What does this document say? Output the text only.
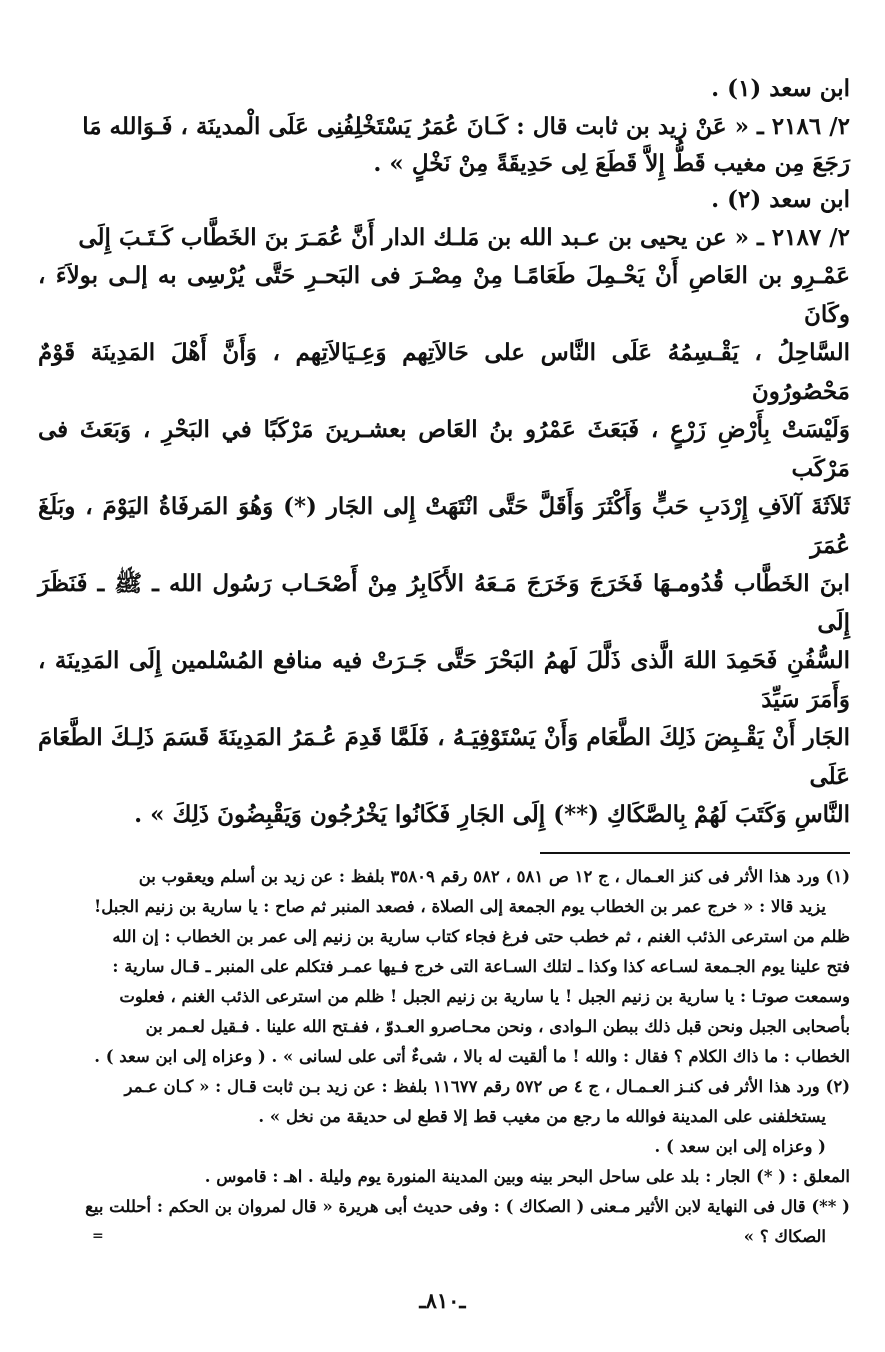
ابن سعد (١) .

٢/ ٢١٨٦ ـ « عَنْ زيد بن ثابت قال : كَـانَ عُمَرُ يَسْتَخْلِفُنِى عَلَى الْمدينَة ، فَـوَالله مَا

رَجَعَ مِن مغيب قَطُّ إِلاَّ قَطَعَ لِى حَدِيقَةً مِنْ نَخْلٍ » .

ابن سعد (٢) .

٢/ ٢١٨٧ ـ « عن يحيى بن عـبد الله بن مَلـك الدار أَنَّ عُمَـرَ بنَ الخَطَّاب كَـتَـبَ إِلَى

عَمْـرِو بن العَاصِ أَنْ يَحْـمِلَ طَعَامًـا مِنْ مِصْـرَ فى البَحـرِ حَتَّى يُرْسِى به إلـى بولاَءَ ، وكَانَ

السَّاحِلُ ، يَقْـسِمُهُ عَلَى النَّاس على حَالاَتِهم وَعِـيَالاَتِهم ، وَأَنَّ أَهْلَ المَدِينَة قَوْمٌ مَحْصُورُونَ

وَلَيْسَتْ بِأَرْضِ زَرْعٍ ، فَبَعَثَ عَمْرُو بنُ العَاص بعشـرينَ مَرْكَبًا في البَحْرِ ، وَبَعَثَ فى مَرْكَب

ثَلاَثَةَ آلاَفِ إِرْدَبِ حَبٍّ وَأَكْثَرَ وَأَقَلَّ حَتَّى انْتَهَتْ إِلى الجَار (*) وَهُوَ المَرفَاةُ اليَوْمَ ، وبَلَغَ عُمَرَ

ابنَ الخَطَّاب قُدُومـهَا فَخَرَجَ وَخَرَجَ مَـعَهُ الأَكَابِرُ مِنْ أَصْحَـاب رَسُول الله ـ ﷺ ـ فَنَظَرَ إِلَى

السُّفُنِ فَحَمِدَ اللهَ الَّذى ذَلَّلَ لَهمُ البَحْرَ حَتَّى جَـرَتْ فيه منافع المُسْلمين إِلَى المَدِينَة ، وَأَمَرَ سَيِّدَ

الجَار أَنْ يَقْـبِضَ ذَلِكَ الطَّعَام وَأَنْ يَسْتَوْفِيَـهُ ، فَلَمَّا قَدِمَ عُـمَرُ المَدِينَةَ قَسَمَ ذَلِـكَ الطَّعَامَ عَلَى

النَّاسِ وَكَتَبَ لَهُمْ بِالصَّكَاكِ (**) إِلَى الجَارِ فَكَانُوا يَخْرُجُون وَيَقْبِضُونَ ذَلِكَ » .

(١) ورد هذا الأثر فى كنز العـمال ، ج ١٢ ص ٥٨١ ، ٥٨٢ رقم ٣٥٨٠٩ بلفظ : عن زيد بن أسلم ويعقوب بن

يزيد قالا : « خرج عمر بن الخطاب يوم الجمعة إلى الصلاة ، فصعد المنبر ثم صاح : يا سارية بن زنيم الجبل!

ظلم من استرعى الذئب الغنم ، ثم خطب حتى فرغ فجاء كتاب سارية بن زنيم إلى عمر بن الخطاب : إن الله

فتح علينا يوم الجـمعة لسـاعه كذا وكذا ـ لتلك السـاعة التى خرج فـيها عمـر فتكلم على المنبر ـ قـال سارية :

وسمعت صوتـا : يا سارية بن زنيم الجبل ! يا سارية بن زنيم الجبل ! ظلم من استرعى الذئب الغنم ، فعلوت

بأصحابى الجبل ونحن قبل ذلك ببطن الـوادى ، ونحن محـاصرو العـدوّ ، ففـتح الله علينا . فـقيل لعـمر بن

الخطاب : ما ذاك الكلام ؟ فقال : والله ! ما ألقيت له بالا ، شىءٌ أتى على لسانى » . ( وعزاه إلى ابن سعد ) .

(٢) ورد هذا الأثر فى كنـز العـمـال ، ج ٤ ص ٥٧٢ رقم ١١٦٧٧ بلفظ : عن زيد بـن ثابت قـال : « كـان عـمر

يستخلفنى على المدينة فوالله ما رجع من مغيب قط إلا قطع لى حديقة من نخل » .

( وعزاه إلى ابن سعد ) .

المعلق : ( *) الجار : بلد على ساحل البحر بينه وبين المدينة المنورة يوم وليلة . اهـ : قاموس .

( **) قال فى النهاية لابن الأثير مـعنى ( الصكاك ) : وفى حديث أبى هريرة « قال لمروان بن الحكم : أحللت بيع

الصكاك ؟ »

=
ـ٨١٠ـ
